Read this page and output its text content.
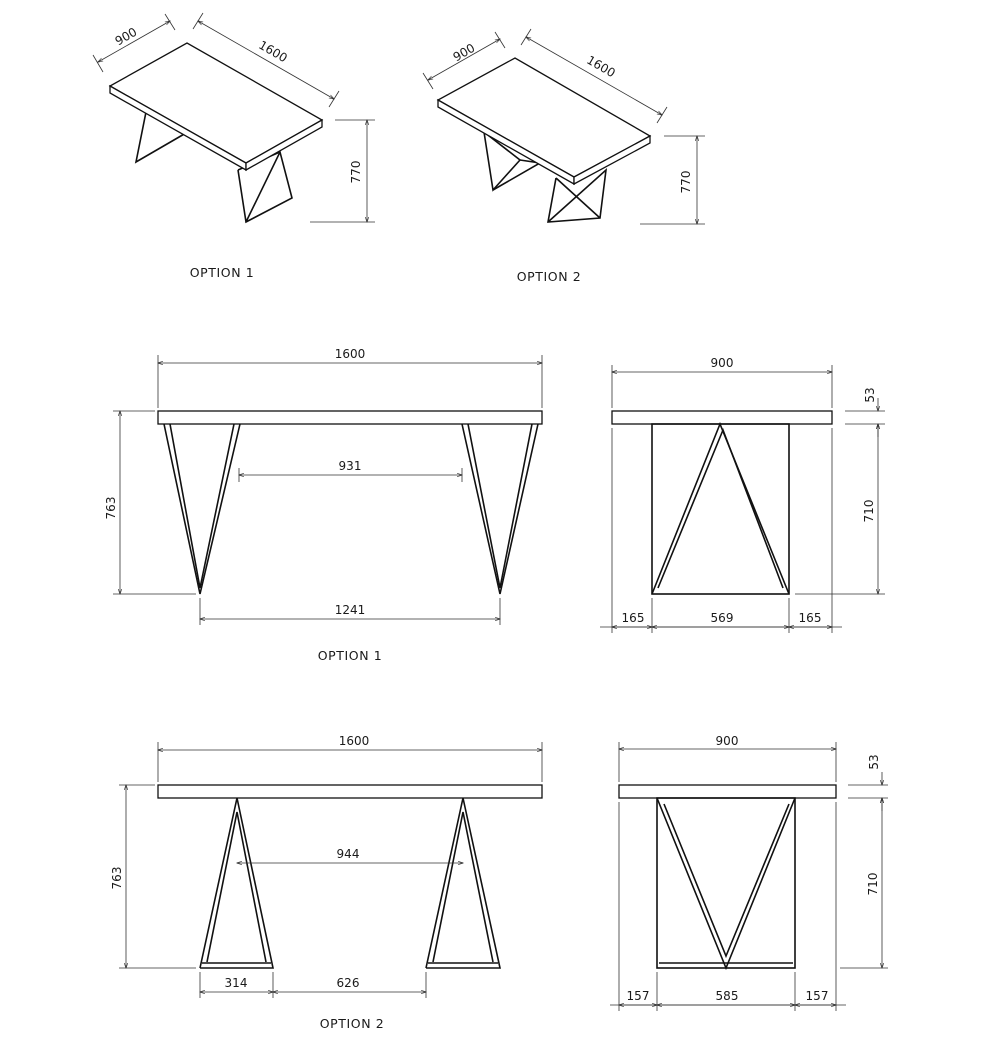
900
1600
770
OPTION 1
900
1600
770
OPTION 2
1600
931
763
1241
OPTION 1
900
53
710
165	569	165
1600
944
763
314	626
OPTION 2
900
53
710
157	585	157
